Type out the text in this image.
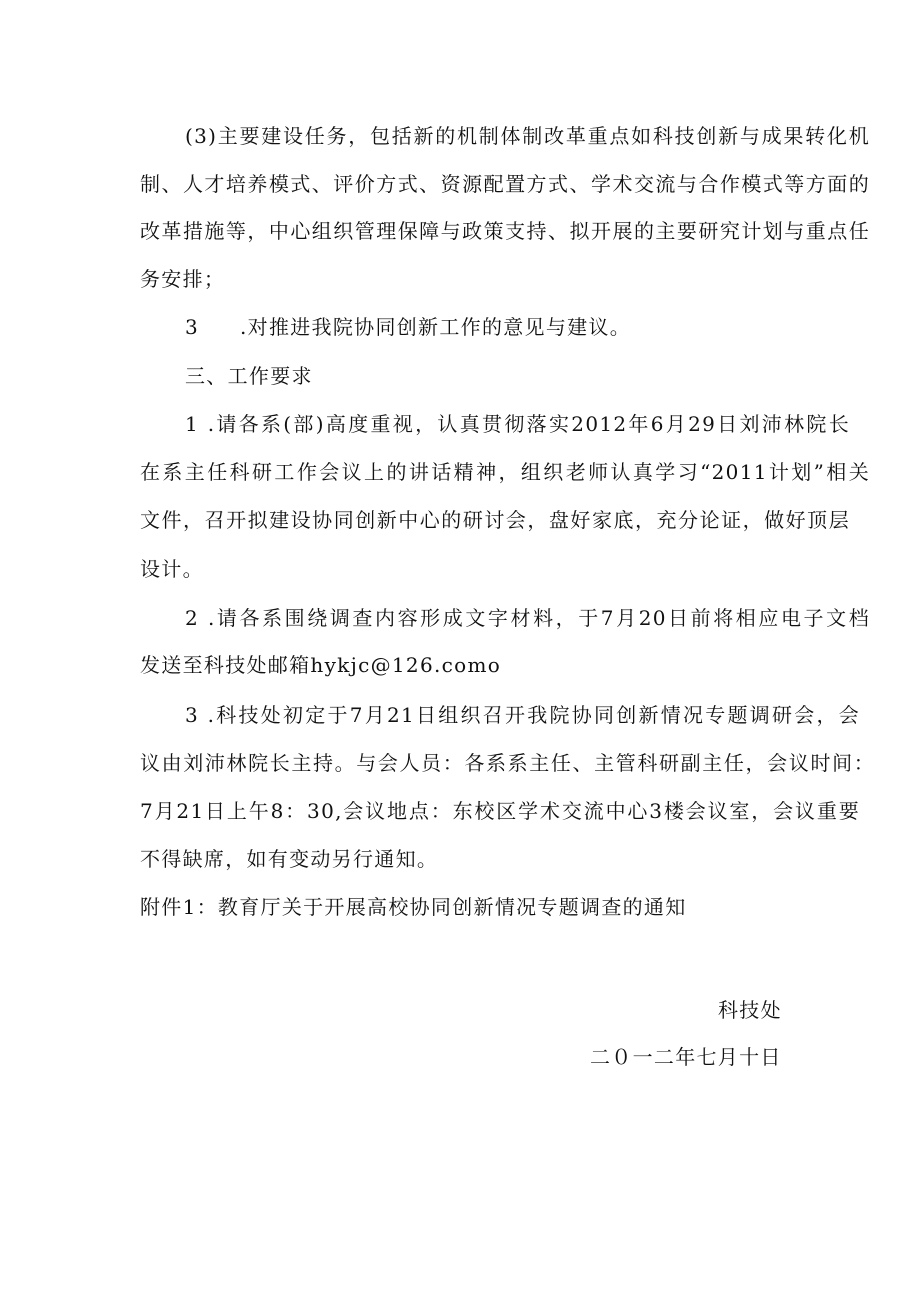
(3)主要建设任务，包括新的机制体制改革重点如科技创新与成果转化机
制、人才培养模式、评价方式、资源配置方式、学术交流与合作模式等方面的
改革措施等，中心组织管理保障与政策支持、拟开展的主要研究计划与重点任
务安排；
3 .对推进我院协同创新工作的意见与建议。
三、工作要求
1 .请各系(部)高度重视，认真贯彻落实2012年6月29日刘沛林院长
在系主任科研工作会议上的讲话精神，组织老师认真学习“2011计划”相关
文件，召开拟建设协同创新中心的研讨会，盘好家底，充分论证，做好顶层
设计。
2 .请各系围绕调查内容形成文字材料，于7月20日前将相应电子文档
发送至科技处邮箱hykjc@126.como
3 .科技处初定于7月21日组织召开我院协同创新情况专题调研会，会
议由刘沛林院长主持。与会人员：各系系主任、主管科研副主任，会议时间：
7月21日上午8：30,会议地点：东校区学术交流中心3楼会议室，会议重要
不得缺席，如有变动另行通知。
附件1：教育厅关于开展高校协同创新情况专题调查的通知
科技处
二０一二年七月十日
